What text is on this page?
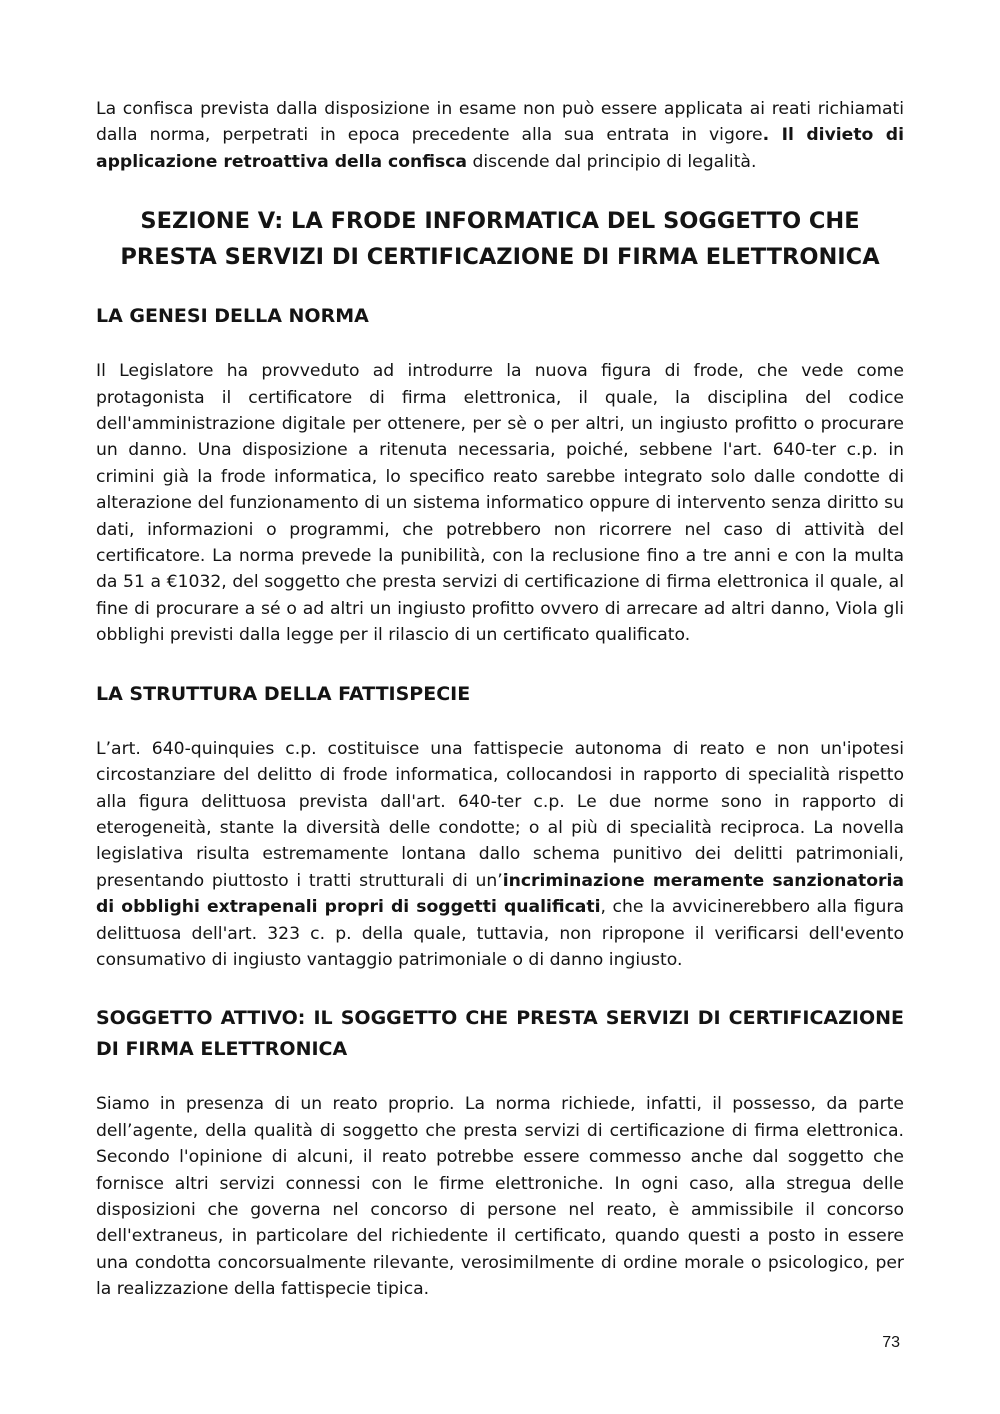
La confisca prevista dalla disposizione in esame non può essere applicata ai reati richiamati dalla norma, perpetrati in epoca precedente alla sua entrata in vigore. Il divieto di applicazione retroattiva della confisca discende dal principio di legalità.

SEZIONE V: LA FRODE INFORMATICA DEL SOGGETTO CHE PRESTA SERVIZI DI CERTIFICAZIONE DI FIRMA ELETTRONICA
LA GENESI DELLA NORMA

Il Legislatore ha provveduto ad introdurre la nuova figura di frode, che vede come protagonista il certificatore di firma elettronica, il quale, la disciplina del codice dell'amministrazione digitale per ottenere, per sè o per altri, un ingiusto profitto o procurare un danno. Una disposizione a ritenuta necessaria, poiché, sebbene l'art. 640-ter c.p. in crimini già la frode informatica, lo specifico reato sarebbe integrato solo dalle condotte di alterazione del funzionamento di un sistema informatico oppure di intervento senza diritto su dati, informazioni o programmi, che potrebbero non ricorrere nel caso di attività del certificatore. La norma prevede la punibilità, con la reclusione fino a tre anni e con la multa da 51 a €1032, del soggetto che presta servizi di certificazione di firma elettronica il quale, al fine di procurare a sé o ad altri un ingiusto profitto ovvero di arrecare ad altri danno, Viola gli obblighi previsti dalla legge per il rilascio di un certificato qualificato.

LA STRUTTURA DELLA FATTISPECIE

L’art. 640-quinquies c.p. costituisce una fattispecie autonoma di reato e non un'ipotesi circostanziare del delitto di frode informatica, collocandosi in rapporto di specialità rispetto alla figura delittuosa prevista dall'art. 640-ter c.p. Le due norme sono in rapporto di eterogeneità, stante la diversità delle condotte; o al più di specialità reciproca. La novella legislativa risulta estremamente lontana dallo schema punitivo dei delitti patrimoniali, presentando piuttosto i tratti strutturali di un’incriminazione meramente sanzionatoria di obblighi extrapenali propri di soggetti qualificati, che la avvicinerebbero alla figura delittuosa dell'art. 323 c. p. della quale, tuttavia, non ripropone il verificarsi dell'evento consumativo di ingiusto vantaggio patrimoniale o di danno ingiusto.

SOGGETTO ATTIVO: IL SOGGETTO CHE PRESTA SERVIZI DI CERTIFICAZIONE DI FIRMA ELETTRONICA

Siamo in presenza di un reato proprio. La norma richiede, infatti, il possesso, da parte dell’agente, della qualità di soggetto che presta servizi di certificazione di firma elettronica. Secondo l'opinione di alcuni, il reato potrebbe essere commesso anche dal soggetto che fornisce altri servizi connessi con le firme elettroniche. In ogni caso, alla stregua delle disposizioni che governa nel concorso di persone nel reato, è ammissibile il concorso dell'extraneus, in particolare del richiedente il certificato, quando questi a posto in essere una condotta concorsualmente rilevante, verosimilmente di ordine morale o psicologico, per la realizzazione della fattispecie tipica.

73
